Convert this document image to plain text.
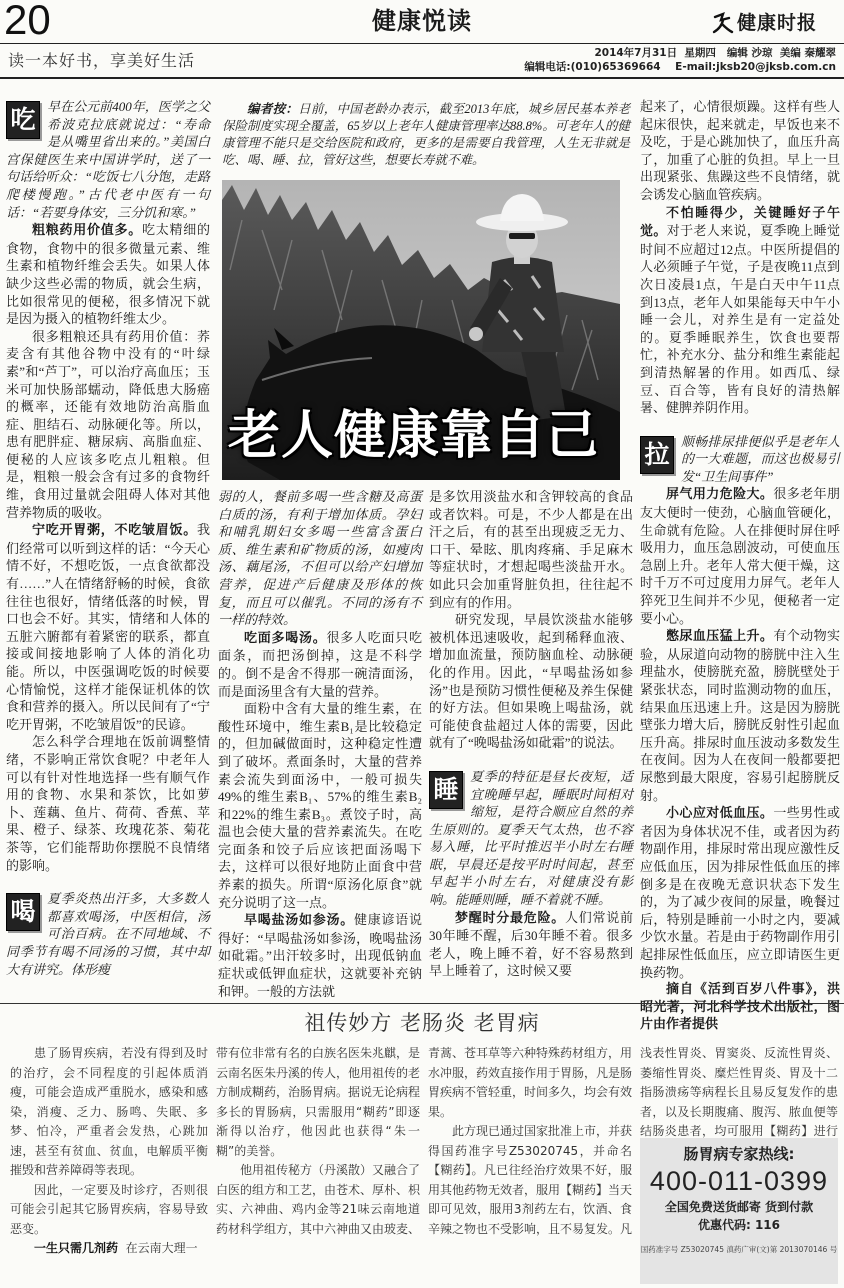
20	健康悦读	健康时报
读一本好书，享美好生活	2014年7月31日  星期四   编辑 沙琼  美编 秦耀翠
编辑电话:(010)65369664    E-mail:jksb20@jksb.com.cn
吃 早在公元前400年，医学之父希波克拉底就说过：“寿命是从嘴里省出来的。”美国白宫保健医生来中国讲学时，送了一句话给听众：“吃饭七八分饱，走路爬楼慢跑。”古代老中医有一句话：“若要身体安，三分饥和寒。”

粗粮药用价值多。吃太精细的食物，食物中的很多微量元素、维生素和植物纤维会丢失。如果人体缺少这些必需的物质，就会生病，比如很常见的便秘，很多情况下就是因为摄入的植物纤维太少。

很多粗粮还具有药用价值：荞麦含有其他谷物中没有的“叶绿素”和“芦丁”，可以治疗高血压；玉米可加快肠部蠕动，降低患大肠癌的概率，还能有效地防治高脂血症、胆结石、动脉硬化等。所以，患有肥胖症、糖尿病、高脂血症、便秘的人应该多吃点儿粗粮。但是，粗粮一般会含有过多的食物纤维，食用过量就会阻碍人体对其他营养物质的吸收。

宁吃开胃粥，不吃皱眉饭。我们经常可以听到这样的话：“今天心情不好，不想吃饭，一点食欲都没有……”人在情绪舒畅的时候，食欲往往也很好，情绪低落的时候，胃口也会不好。其实，情绪和人体的五脏六腑都有着紧密的联系，都直接或间接地影响了人体的消化功能。所以，中医强调吃饭的时候要心情愉悦，这样才能保证机体的饮食和营养的摄入。所以民间有了“宁吃开胃粥，不吃皱眉饭”的民谚。

怎么科学合理地在饭前调整情绪，不影响正常饮食呢？中老年人可以有针对性地选择一些有顺气作用的食物、水果和茶饮，比如萝卜、莲藕、鱼片、荷荷、香蕉、苹果、橙子、绿茶、玫瑰花茶、菊花茶等，它们能帮助你摆脱不良情绪的影响。

喝 夏季炎热出汗多，大多数人都喜欢喝汤，中医相信，汤可治百病。在不同地域、不同季节有喝不同汤的习惯，其中却大有讲究。体形瘦

编者按：日前，中国老龄办表示，截至2013年底，城乡居民基本养老保险制度实现全覆盖，65岁以上老年人健康管理率达88.8%。可老年人的健康管理不能只是交给医院和政府，更多的是需要自我管理，人生无非就是吃、喝、睡、拉，管好这些，想要长寿就不难。

老人健康靠自己

弱的人，餐前多喝一些含糖及高蛋白质的汤，有利于增加体质。孕妇和哺乳期妇女多喝一些富含蛋白质、维生素和矿物质的汤，如瘦肉汤、藕尾汤，不但可以给产妇增加营养，促进产后健康及形体的恢复，而且可以催乳。不同的汤有不一样的特效。

吃面多喝汤。很多人吃面只吃面条，而把汤倒掉，这是不科学的。倒不是舍不得那一碗清面汤，而是面汤里含有大量的营养。

面粉中含有大量的维生素，在酸性环境中，维生素B₁是比较稳定的，但加碱做面时，这种稳定性遭到了破坏。煮面条时，大量的营养素会流失到面汤中，一般可损失49%的维生素B₁、57%的维生素B₂和22%的维生素B₃。煮饺子时，高温也会使大量的营养素流失。在吃完面条和饺子后应该把面汤喝下去，这样可以很好地防止面食中营养素的损失。所谓“原汤化原食”就充分说明了这一点。

早喝盐汤如参汤。健康谚语说得好：“早喝盐汤如参汤，晚喝盐汤如砒霜。”出汗较多时，出现低钠血症状或低钾血症状，这就要补充钠和钾。一般的方法就

是多饮用淡盐水和含钾较高的食品或者饮料。可是，不少人都是在出汗之后，有的甚至出现疲乏无力、口干、晕眩、肌肉疼痛、手足麻木等症状时，才想起喝些淡盐开水。如此只会加重肾脏负担，往往起不到应有的作用。

研究发现，早晨饮淡盐水能够被机体迅速吸收，起到稀释血液、增加血流量，预防脑血栓、动脉硬化的作用。因此，“早喝盐汤如参汤”也是预防习惯性便秘及养生保健的好方法。但如果晚上喝盐汤，就可能使食盐超过人体的需要，因此就有了“晚喝盐汤如砒霜”的说法。

睡 夏季的特征是昼长夜短，适宜晚睡早起，睡眠时间相对缩短，是符合顺应自然的养生原则的。夏季天气太热，也不容易入睡，比平时推迟半小时左右睡眠，早晨还是按平时时间起，甚至早起半小时左右，对健康没有影响。能睡则睡，睡不着就不睡。

梦醒时分最危险。人们常说前30年睡不醒，后30年睡不着。很多老人，晚上睡不着，好不容易熬到早上睡着了，这时候又要

起来了，心情很烦躁。这样有些人起床很快，起来就走，早饭也来不及吃，于是心跳加快了，血压升高了，加重了心脏的负担。早上一旦出现紧张、焦躁这些不良情绪，就会诱发心脑血管疾病。

不怕睡得少，关键睡好子午觉。对于老人来说，夏季晚上睡觉时间不应超过12点。中医所提倡的人必须睡子午觉，子是夜晚11点到次日凌晨1点，午是白天中午11点到13点，老年人如果能每天中午小睡一会儿，对养生是有一定益处的。夏季睡眠养生，饮食也要帮忙，补充水分、盐分和维生素能起到清热解暑的作用。如西瓜、绿豆、百合等，皆有良好的清热解暑、健脾养阴作用。

拉 顺畅排尿排便似乎是老年人的一大难题，而这也极易引发“卫生间事件”

屏气用力危险大。很多老年朋友大便时一使劲，心脑血管硬化，生命就有危险。人在排便时屏住呼吸用力，血压急剧波动，可使血压急剧上升。老年人常大便干燥，这时千万不可过度用力屏气。老年人猝死卫生间并不少见，便秘者一定要小心。

憋尿血压猛上升。有个动物实验，从尿道向动物的膀胱中注入生理盐水，使膀胱充盈，膀胱壁处于紧张状态，同时监测动物的血压，结果血压迅速上升。这是因为膀胱壁张力增大后，膀胱反射性引起血压升高。排尿时血压波动多数发生在夜间。因为人在夜间一般都要把尿憋到最大限度，容易引起膀胱反射。

小心应对低血压。一些男性或者因为身体状况不佳，或者因为药物副作用，排尿时常出现应激性反应低血压，因为排尿性低血压的摔倒多是在夜晚无意识状态下发生的，为了减少夜间的尿量，晚餐过后，特别是睡前一小时之内，要减少饮水量。若是由于药物副作用引起排尿性低血压，应立即请医生更换药物。

摘自《活到百岁八件事》，洪昭光著，河北科学技术出版社，图片由作者提供

祖传妙方 老肠炎 老胃病

患了肠胃疾病，若没有得到及时的治疗，会不同程度的引起体质消瘦，可能会造成严重脱水，感染和感染，消瘦、乏力、肠鸣、失眠、多梦、怕冷，严重者会发热，心跳加速，甚至有贫血、贫血，电解质平衡摧毁和营养障碍等表现。

因此，一定要及时诊疗，否则很可能会引起其它肠胃疾病，容易导致恶变。

一生只需几剂药 在云南大理一

带有位非常有名的白族名医朱兆麒，是云南名医朱丹溪的传人，他用祖传的老方制成糊药，治肠胃病。据说无论病程多长的胃肠病，只需服用“糊药”即逐渐得以治疗，他因此也获得“朱一糊”的美誉。

他用祖传秘方（丹溪散）又融合了白医的组方和工艺，由苍术、厚朴、枳实、六神曲、鸡内金等21味云南地道药材科学组方，其中六神曲又由玻麦、

青蒿、苍耳草等六种特殊药材组方，用水冲服，药效直接作用于胃肠，凡是肠胃疾病不管轻重，时间多久，均会有效果。

此方现已通过国家批准上市，并获得国药准字号Z53020745，并命名【糊药】。凡已往经治疗效果不好，服用其他药物无效者，服用【糊药】当天即可见效，服用3剂药左右，饮酒、食辛辣之物也不受影响，且不易复发。凡

浅表性胃炎、胃窦炎、反流性胃炎、萎缩性胃炎、糜烂性胃炎、胃及十二指肠溃疡等病程长且易反复发作的患者，以及长期腹痛、腹泻、脓血便等结肠炎患者，均可服用【糊药】进行

肠胃病专家热线:
400-011-0399
全国免费送货邮寄 货到付款
优惠代码: 116
国药准字号 Z53020745 滇药广审(文)第 2013070146 号
